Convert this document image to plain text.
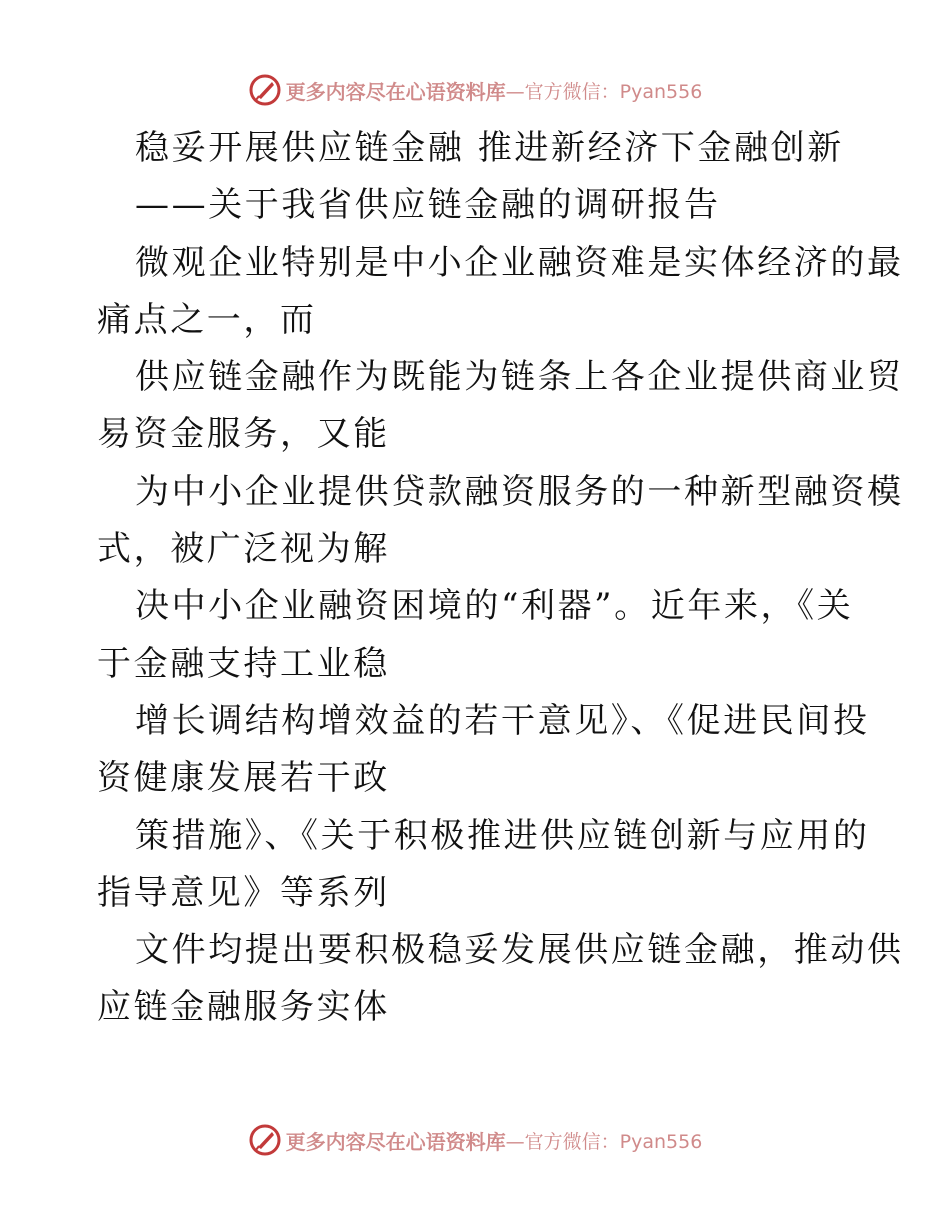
更多内容尽在心语资料库 —官方微信：Pyan556
稳妥开展供应链金融 推进新经济下金融创新
——关于我省供应链金融的调研报告
微观企业特别是中小企业融资难是实体经济的最
痛点之一，而
供应链金融作为既能为链条上各企业提供商业贸
易资金服务，又能
为中小企业提供贷款融资服务的一种新型融资模
式，被广泛视为解
决中小企业融资困境的“利器”。近年来，《关
于金融支持工业稳
增长调结构增效益的若干意见》、《促进民间投
资健康发展若干政
策措施》、《关于积极推进供应链创新与应用的
指导意见》等系列
文件均提出要积极稳妥发展供应链金融，推动供
应链金融服务实体
更多内容尽在心语资料库 —官方微信：Pyan556
